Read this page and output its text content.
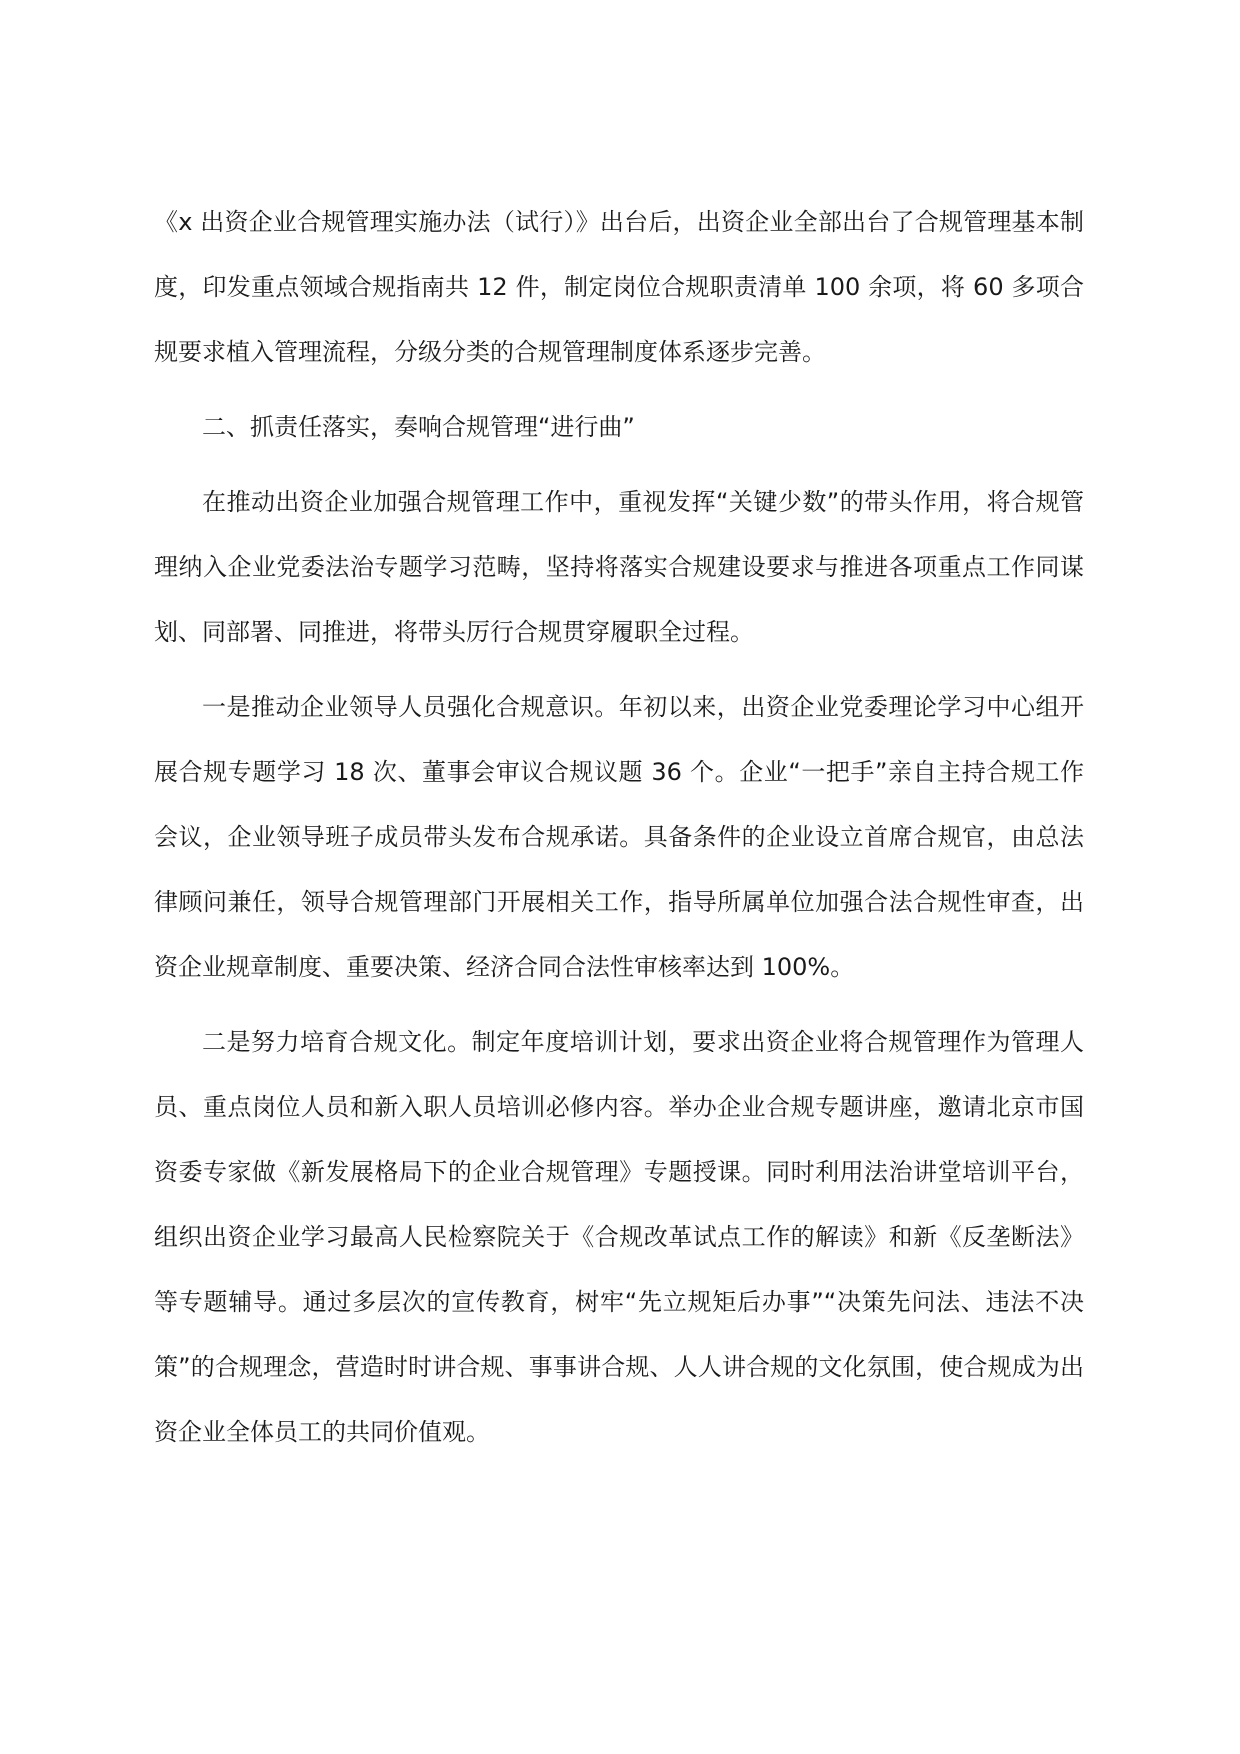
《x 出资企业合规管理实施办法（试行）》出台后，出资企业全部出台了合规管理基本制度，印发重点领域合规指南共 12 件，制定岗位合规职责清单 100 余项，将 60 多项合规要求植入管理流程，分级分类的合规管理制度体系逐步完善。

二、抓责任落实，奏响合规管理“进行曲”

在推动出资企业加强合规管理工作中，重视发挥“关键少数”的带头作用，将合规管理纳入企业党委法治专题学习范畴，坚持将落实合规建设要求与推进各项重点工作同谋划、同部署、同推进，将带头厉行合规贯穿履职全过程。

一是推动企业领导人员强化合规意识。年初以来，出资企业党委理论学习中心组开展合规专题学习 18 次、董事会审议合规议题 36 个。企业“一把手”亲自主持合规工作会议，企业领导班子成员带头发布合规承诺。具备条件的企业设立首席合规官，由总法律顾问兼任，领导合规管理部门开展相关工作，指导所属单位加强合法合规性审查，出资企业规章制度、重要决策、经济合同合法性审核率达到 100%。

二是努力培育合规文化。制定年度培训计划，要求出资企业将合规管理作为管理人员、重点岗位人员和新入职人员培训必修内容。举办企业合规专题讲座，邀请北京市国资委专家做《新发展格局下的企业合规管理》专题授课。同时利用法治讲堂培训平台，组织出资企业学习最高人民检察院关于《合规改革试点工作的解读》和新《反垄断法》等专题辅导。通过多层次的宣传教育，树牢“先立规矩后办事”“决策先问法、违法不决策”的合规理念，营造时时讲合规、事事讲合规、人人讲合规的文化氛围，使合规成为出资企业全体员工的共同价值观。
